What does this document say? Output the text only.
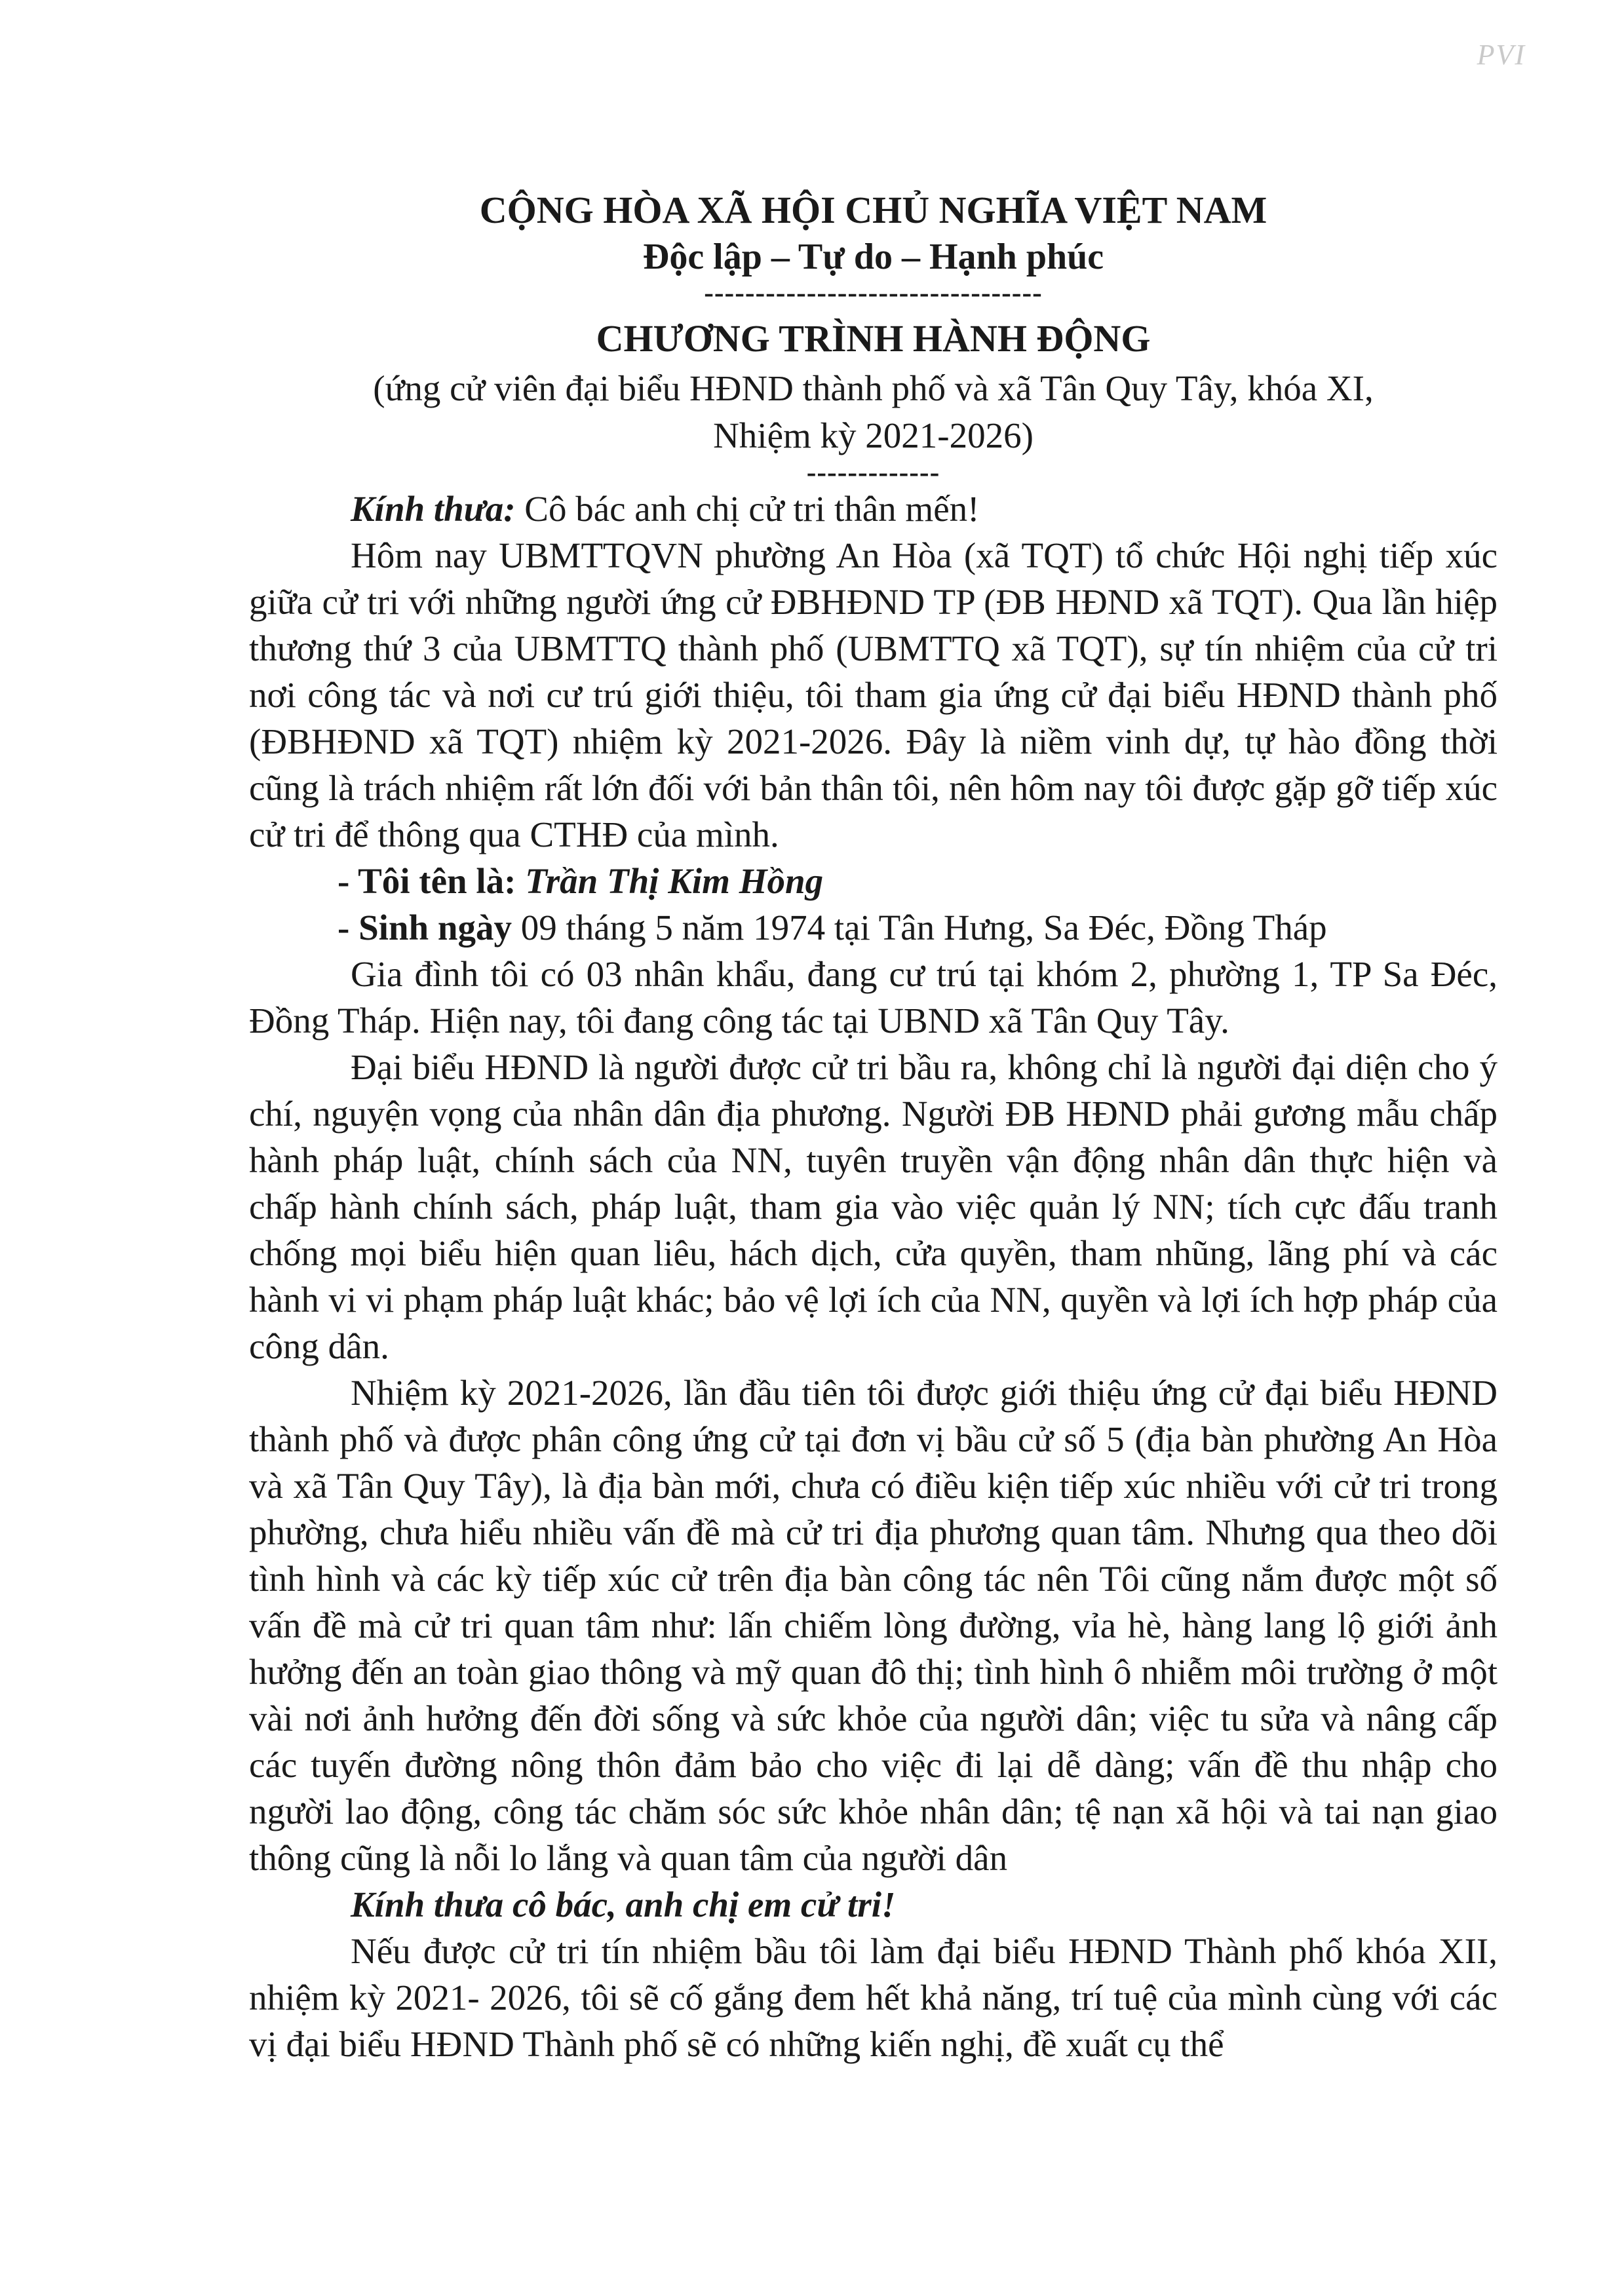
PVI
CỘNG HÒA XÃ HỘI CHỦ NGHĨA VIỆT NAM
Độc lập – Tự do – Hạnh phúc
---------------------------------
CHƯƠNG TRÌNH HÀNH ĐỘNG
(ứng cử viên đại biểu HĐND thành phố và xã Tân Quy Tây, khóa XI,
Nhiệm kỳ 2021-2026)
-------------

Kính thưa: Cô bác anh chị cử tri thân mến!

Hôm nay UBMTTQVN phường An Hòa (xã TQT) tổ chức Hội nghị tiếp xúc giữa cử tri với những người ứng cử ĐBHĐND TP (ĐB HĐND xã TQT). Qua lần hiệp thương thứ 3 của UBMTTQ thành phố (UBMTTQ xã TQT), sự tín nhiệm của cử tri nơi công tác và nơi cư trú giới thiệu, tôi tham gia ứng cử đại biểu HĐND thành phố (ĐBHĐND xã TQT) nhiệm kỳ 2021-2026. Đây là niềm vinh dự, tự hào đồng thời cũng là trách nhiệm rất lớn đối với bản thân tôi, nên hôm nay tôi được gặp gỡ tiếp xúc cử tri để thông qua CTHĐ của mình.

- Tôi tên là: Trần Thị Kim Hồng

- Sinh ngày 09 tháng 5 năm 1974 tại Tân Hưng, Sa Đéc, Đồng Tháp

Gia đình tôi có 03 nhân khẩu, đang cư trú tại khóm 2, phường 1, TP Sa Đéc, Đồng Tháp. Hiện nay, tôi đang công tác tại UBND xã Tân Quy Tây.

Đại biểu HĐND là người được cử tri bầu ra, không chỉ là người đại diện cho ý chí, nguyện vọng của nhân dân địa phương. Người ĐB HĐND phải gương mẫu chấp hành pháp luật, chính sách của NN, tuyên truyền vận động nhân dân thực hiện và chấp hành chính sách, pháp luật, tham gia vào việc quản lý NN; tích cực đấu tranh chống mọi biểu hiện quan liêu, hách dịch, cửa quyền, tham nhũng, lãng phí và các hành vi vi phạm pháp luật khác; bảo vệ lợi ích của NN, quyền và lợi ích hợp pháp của công dân.

Nhiệm kỳ 2021-2026, lần đầu tiên tôi được giới thiệu ứng cử đại biểu HĐND thành phố và được phân công ứng cử tại đơn vị bầu cử số 5 (địa bàn phường An Hòa và xã Tân Quy Tây), là địa bàn mới, chưa có điều kiện tiếp xúc nhiều với cử tri trong phường, chưa hiểu nhiều vấn đề mà cử tri địa phương quan tâm. Nhưng qua theo dõi tình hình và các kỳ tiếp xúc cử trên địa bàn công tác nên Tôi cũng nắm được một số vấn đề mà cử tri quan tâm như: lấn chiếm lòng đường, vỉa hè, hàng lang lộ giới ảnh hưởng đến an toàn giao thông và mỹ quan đô thị; tình hình ô nhiễm môi trường ở một vài nơi ảnh hưởng đến đời sống và sức khỏe của người dân; việc tu sửa và nâng cấp các tuyến đường nông thôn đảm bảo cho việc đi lại dễ dàng; vấn đề thu nhập cho người lao động, công tác chăm sóc sức khỏe nhân dân; tệ nạn xã hội và tai nạn giao thông cũng là nỗi lo lắng và quan tâm của người dân

Kính thưa cô bác, anh chị em cử tri!

Nếu được cử tri tín nhiệm bầu tôi làm đại biểu HĐND Thành phố khóa XII, nhiệm kỳ 2021- 2026, tôi sẽ cố gắng đem hết khả năng, trí tuệ của mình cùng với các vị đại biểu HĐND Thành phố sẽ có những kiến nghị, đề xuất cụ thể
